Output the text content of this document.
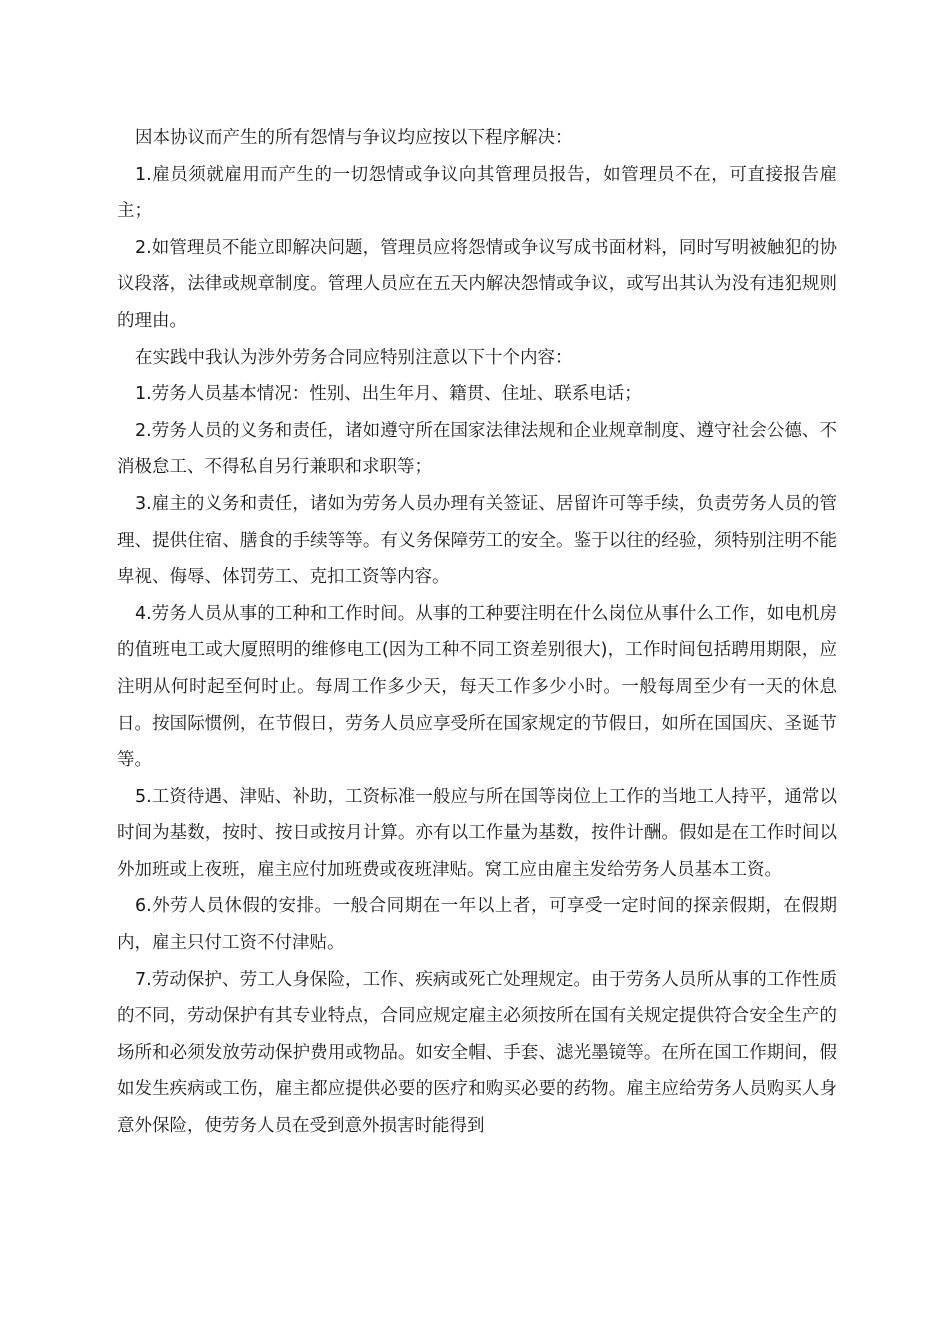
因本协议而产生的所有怨情与争议均应按以下程序解决：

1.雇员须就雇用而产生的一切怨情或争议向其管理员报告，如管理员不在，可直接报告雇主；

2.如管理员不能立即解决问题，管理员应将怨情或争议写成书面材料，同时写明被触犯的协议段落，法律或规章制度。管理人员应在五天内解决怨情或争议，或写出其认为没有违犯规则的理由。

在实践中我认为涉外劳务合同应特别注意以下十个内容：

1.劳务人员基本情况：性别、出生年月、籍贯、住址、联系电话；

2.劳务人员的义务和责任，诸如遵守所在国家法律法规和企业规章制度、遵守社会公德、不消极怠工、不得私自另行兼职和求职等；

3.雇主的义务和责任，诸如为劳务人员办理有关签证、居留许可等手续，负责劳务人员的管理、提供住宿、膳食的手续等等。有义务保障劳工的安全。鉴于以往的经验，须特别注明不能卑视、侮辱、体罚劳工、克扣工资等内容。

4.劳务人员从事的工种和工作时间。从事的工种要注明在什么岗位从事什么工作，如电机房的值班电工或大厦照明的维修电工(因为工种不同工资差别很大)，工作时间包括聘用期限，应注明从何时起至何时止。每周工作多少天，每天工作多少小时。一般每周至少有一天的休息日。按国际惯例，在节假日，劳务人员应享受所在国家规定的节假日，如所在国国庆、圣诞节等。

5.工资待遇、津贴、补助，工资标准一般应与所在国等岗位上工作的当地工人持平，通常以时间为基数，按时、按日或按月计算。亦有以工作量为基数，按件计酬。假如是在工作时间以外加班或上夜班，雇主应付加班费或夜班津贴。窝工应由雇主发给劳务人员基本工资。

6.外劳人员休假的安排。一般合同期在一年以上者，可享受一定时间的探亲假期，在假期内，雇主只付工资不付津贴。

7.劳动保护、劳工人身保险，工作、疾病或死亡处理规定。由于劳务人员所从事的工作性质的不同，劳动保护有其专业特点，合同应规定雇主必须按所在国有关规定提供符合安全生产的场所和必须发放劳动保护费用或物品。如安全帽、手套、滤光墨镜等。在所在国工作期间，假如发生疾病或工伤，雇主都应提供必要的医疗和购买必要的药物。雇主应给劳务人员购买人身意外保险，使劳务人员在受到意外损害时能得到
